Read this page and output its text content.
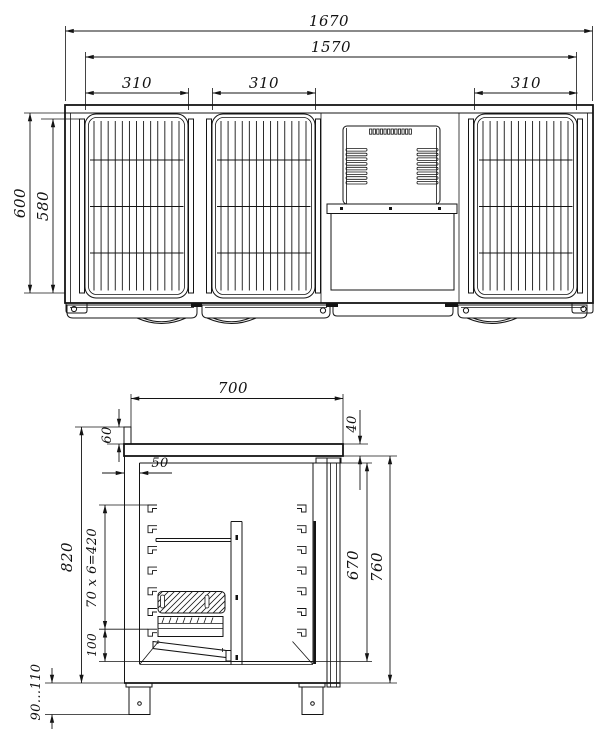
1670
1570
310	310	310
600 580
700
60
50
40
820 70 x 6=420
100
670 760
90...110
